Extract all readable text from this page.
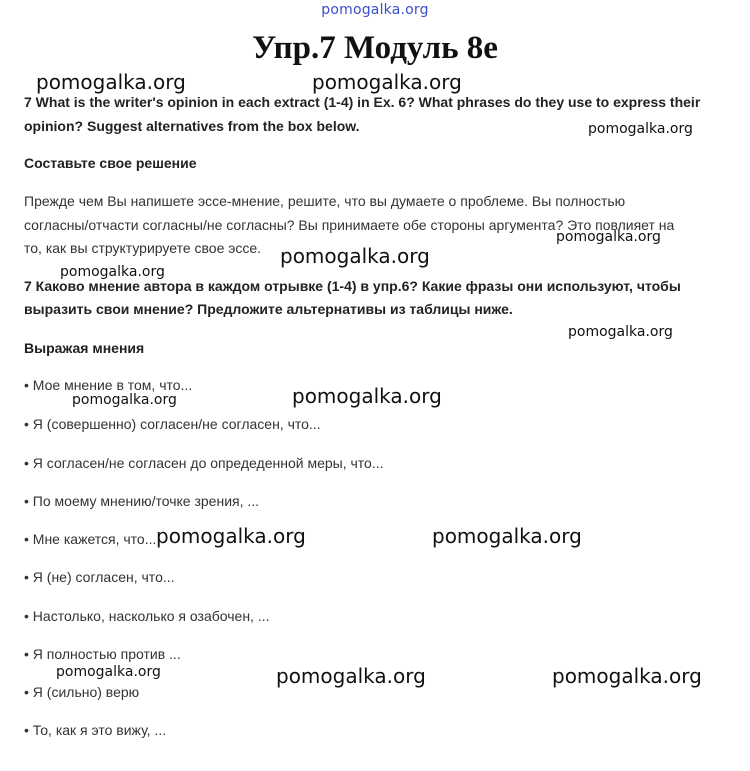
pomogalka.org
Упр.7 Модуль 8е
7 What is the writer's opinion in each extract (1-4) in Ex. 6? What phrases do they use to express their
opinion? Suggest alternatives from the box below.
Составьте свое решение
Прежде чем Вы напишете эссе-мнение, решите, что вы думаете о проблеме. Вы полностью
согласны/отчасти согласны/не согласны? Вы принимаете обе стороны аргумента? Это повлияет на
то, как вы структурируете свое эссе.
7 Каково мнение автора в каждом отрывке (1-4) в упр.6? Какие фразы они используют, чтобы
выразить свои мнение? Предложите альтернативы из таблицы ниже.
Выражая мнения
• Мое мнение в том, что...
• Я (совершенно) согласен/не согласен, что...
• Я согласен/не согласен до опредеденной меры, что...
• По моему мнению/точке зрения, ...
• Мне кажется, что...
• Я (не) согласен, что...
• Настолько, насколько я озабочен, ...
• Я полностью против ...
• Я (сильно) верю
• То, как я это вижу, ...
pomogalka.org	pomogalka.org
pomogalka.org
pomogalka.org
pomogalka.org
pomogalka.org
pomogalka.org
pomogalka.org
pomogalka.org
pomogalka.org	pomogalka.org
pomogalka.org	pomogalka.org	pomogalka.org
